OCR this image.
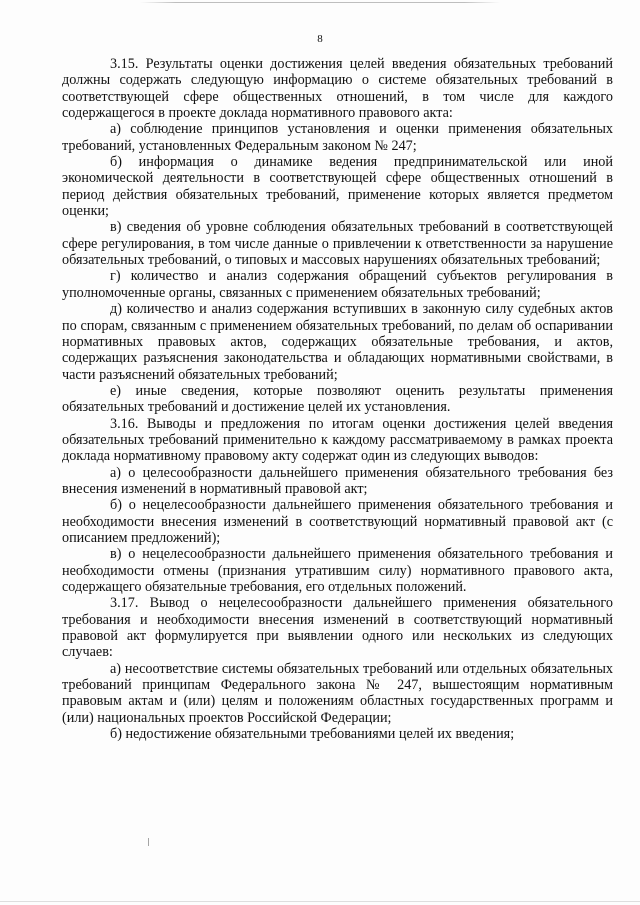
8

3.15. Результаты оценки достижения целей введения обязательных требований должны содержать следующую информацию о системе обязательных требований в соответствующей сфере общественных отношений, в том числе для каждого содержащегося в проекте доклада нормативного правового акта:

а) соблюдение принципов установления и оценки применения обязательных требований, установленных Федеральным законом № 247;

б) информация о динамике ведения предпринимательской или иной экономической деятельности в соответствующей сфере общественных отношений в период действия обязательных требований, применение которых является предметом оценки;

в) сведения об уровне соблюдения обязательных требований в соответствующей сфере регулирования, в том числе данные о привлечении к ответственности за нарушение обязательных требований, о типовых и массовых нарушениях обязательных требований;

г) количество и анализ содержания обращений субъектов регулирования в уполномоченные органы, связанных с применением обязательных требований;

д) количество и анализ содержания вступивших в законную силу судебных актов по спорам, связанным с применением обязательных требований, по делам об оспаривании нормативных правовых актов, содержащих обязательные требования, и актов, содержащих разъяснения законодательства и обладающих нормативными свойствами, в части разъяснений обязательных требований;

е) иные сведения, которые позволяют оценить результаты применения обязательных требований и достижение целей их установления.

3.16. Выводы и предложения по итогам оценки достижения целей введения обязательных требований применительно к каждому рассматриваемому в рамках проекта доклада нормативному правовому акту содержат один из следующих выводов:

а) о целесообразности дальнейшего применения обязательного требования без внесения изменений в нормативный правовой акт;

б) о нецелесообразности дальнейшего применения обязательного требования и необходимости внесения изменений в соответствующий нормативный правовой акт (с описанием предложений);

в) о нецелесообразности дальнейшего применения обязательного требования и необходимости отмены (признания утратившим силу) нормативного правового акта, содержащего обязательные требования, его отдельных положений.

3.17. Вывод о нецелесообразности дальнейшего применения обязательного требования и необходимости внесения изменений в соответствующий нормативный правовой акт формулируется при выявлении одного или нескольких из следующих случаев:

а) несоответствие системы обязательных требований или отдельных обязательных требований принципам Федерального закона № 247, вышестоящим нормативным правовым актам и (или) целям и положениям областных государственных программ и (или) национальных проектов Российской Федерации;

б) недостижение обязательными требованиями целей их введения;
